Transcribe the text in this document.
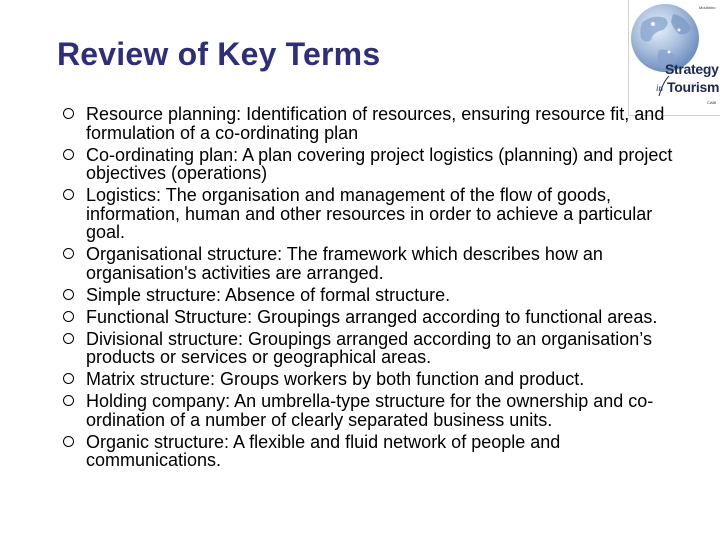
Review of Key Terms
Moutinho
Strategy
in Tourism
CABI
Resource planning: Identification of resources, ensuring resource fit, and formulation of a co-ordinating plan
Co-ordinating plan: A plan covering project logistics (planning) and project objectives (operations)
Logistics: The organisation and management of the flow of goods, information, human and other resources in order to achieve a particular goal.
Organisational structure: The framework which describes how an organisation's activities are arranged.
Simple structure: Absence of formal structure.
Functional Structure: Groupings arranged according to functional areas.
Divisional structure: Groupings arranged according to an organisation’s products or services or geographical areas.
Matrix structure: Groups workers by both function and product.
Holding company: An umbrella-type structure for the ownership and co-ordination of a number of clearly separated business units.
Organic structure: A flexible and fluid network of people and communications.
